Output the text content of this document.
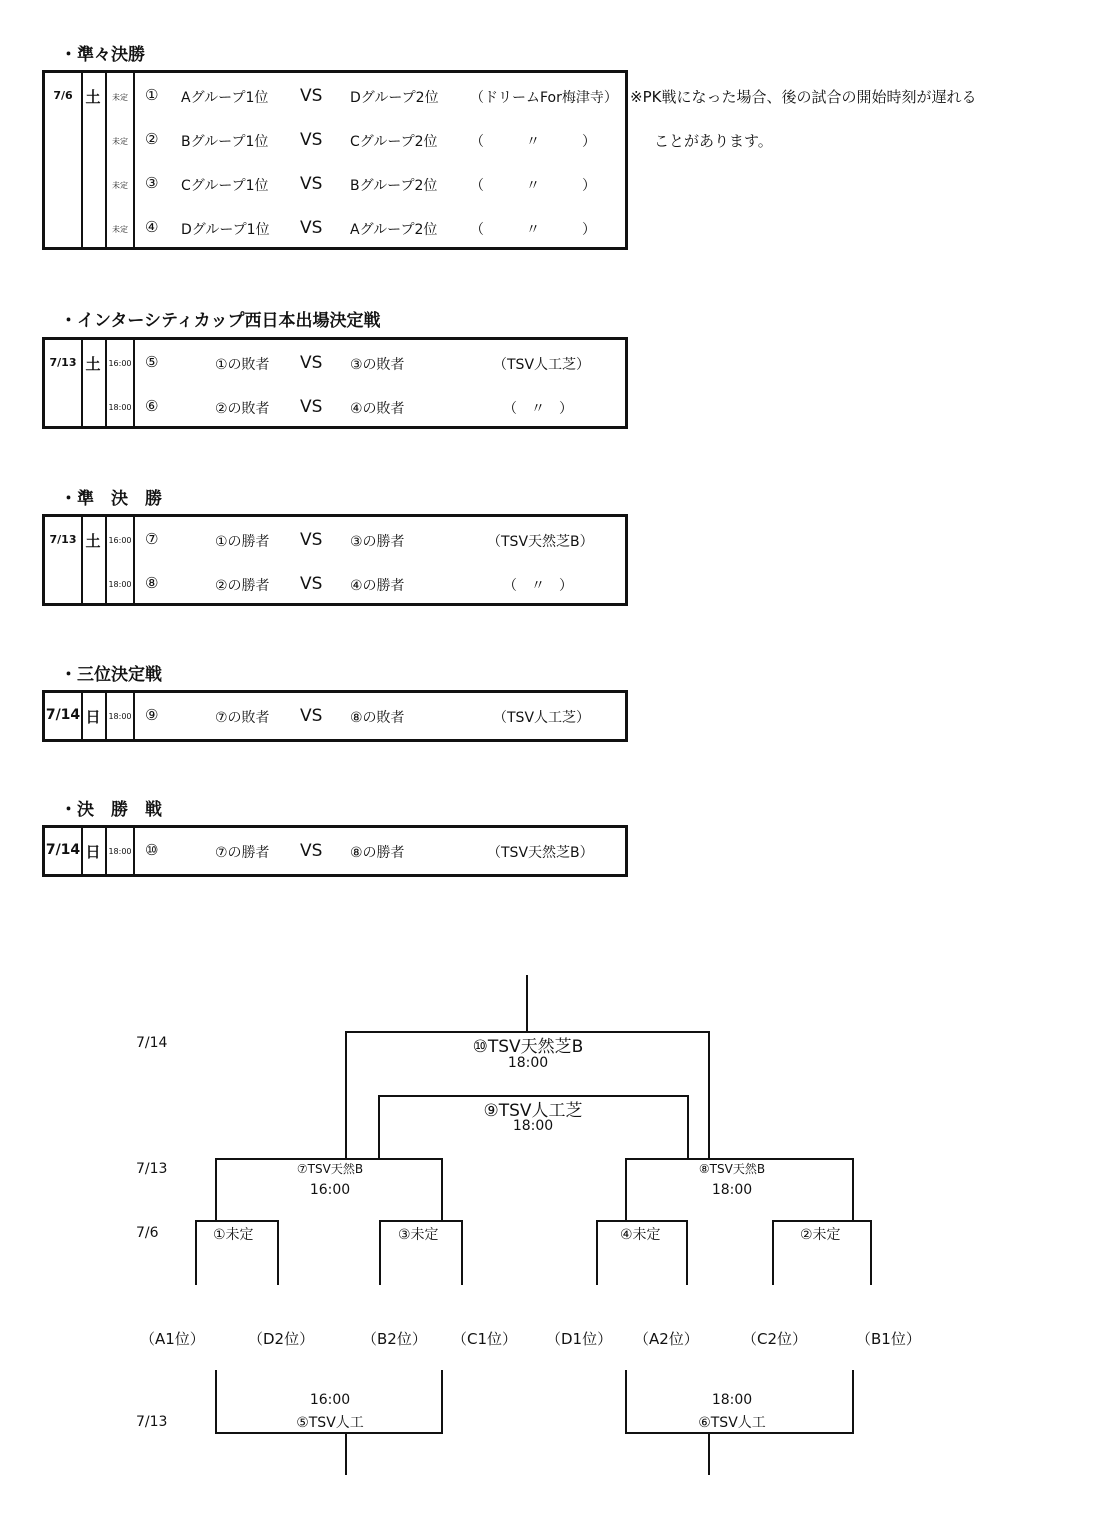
・準々決勝
7/6 土	未定	① Aグループ1位 VS Dグループ2位 （ドリームFor梅津寺）
未定	② Bグループ1位 VS Cグループ2位 （　　　〃　　　）
未定	③ Cグループ1位 VS Bグループ2位 （　　　〃　　　）
未定	④ Dグループ1位 VS Aグループ2位 （　　　〃　　　）
※PK戦になった場合、後の試合の開始時刻が遅れる
ことがあります。
・インターシティカップ西日本出場決定戦
7/13 土 16:00 ⑤	①の敗者 VS ③の敗者	（TSV人工芝）
18:00 ⑥	②の敗者 VS ④の敗者	（　〃　）
・準　決　勝
7/13 土 16:00 ⑦	①の勝者 VS ③の勝者	（TSV天然芝B）
18:00 ⑧	②の勝者 VS ④の勝者	（　〃　）
・三位決定戦
7/14 日 18:00 ⑨	⑦の敗者 VS ⑧の敗者	（TSV人工芝）
・決　勝　戦
7/14 日 18:00 ⑩	⑦の勝者 VS ⑧の勝者	（TSV天然芝B）
7/14
7/13
7/6
7/13
⑩TSV天然芝B
18:00
⑨TSV人工芝
18:00
⑦TSV天然B
16:00
⑧TSV天然B
18:00
①未定	③未定	④未定	②未定
（A1位）	（D2位）	（B2位） （C1位） （D1位） （A2位）	（C2位）	（B1位）
16:00
⑤TSV人工
18:00
⑥TSV人工
